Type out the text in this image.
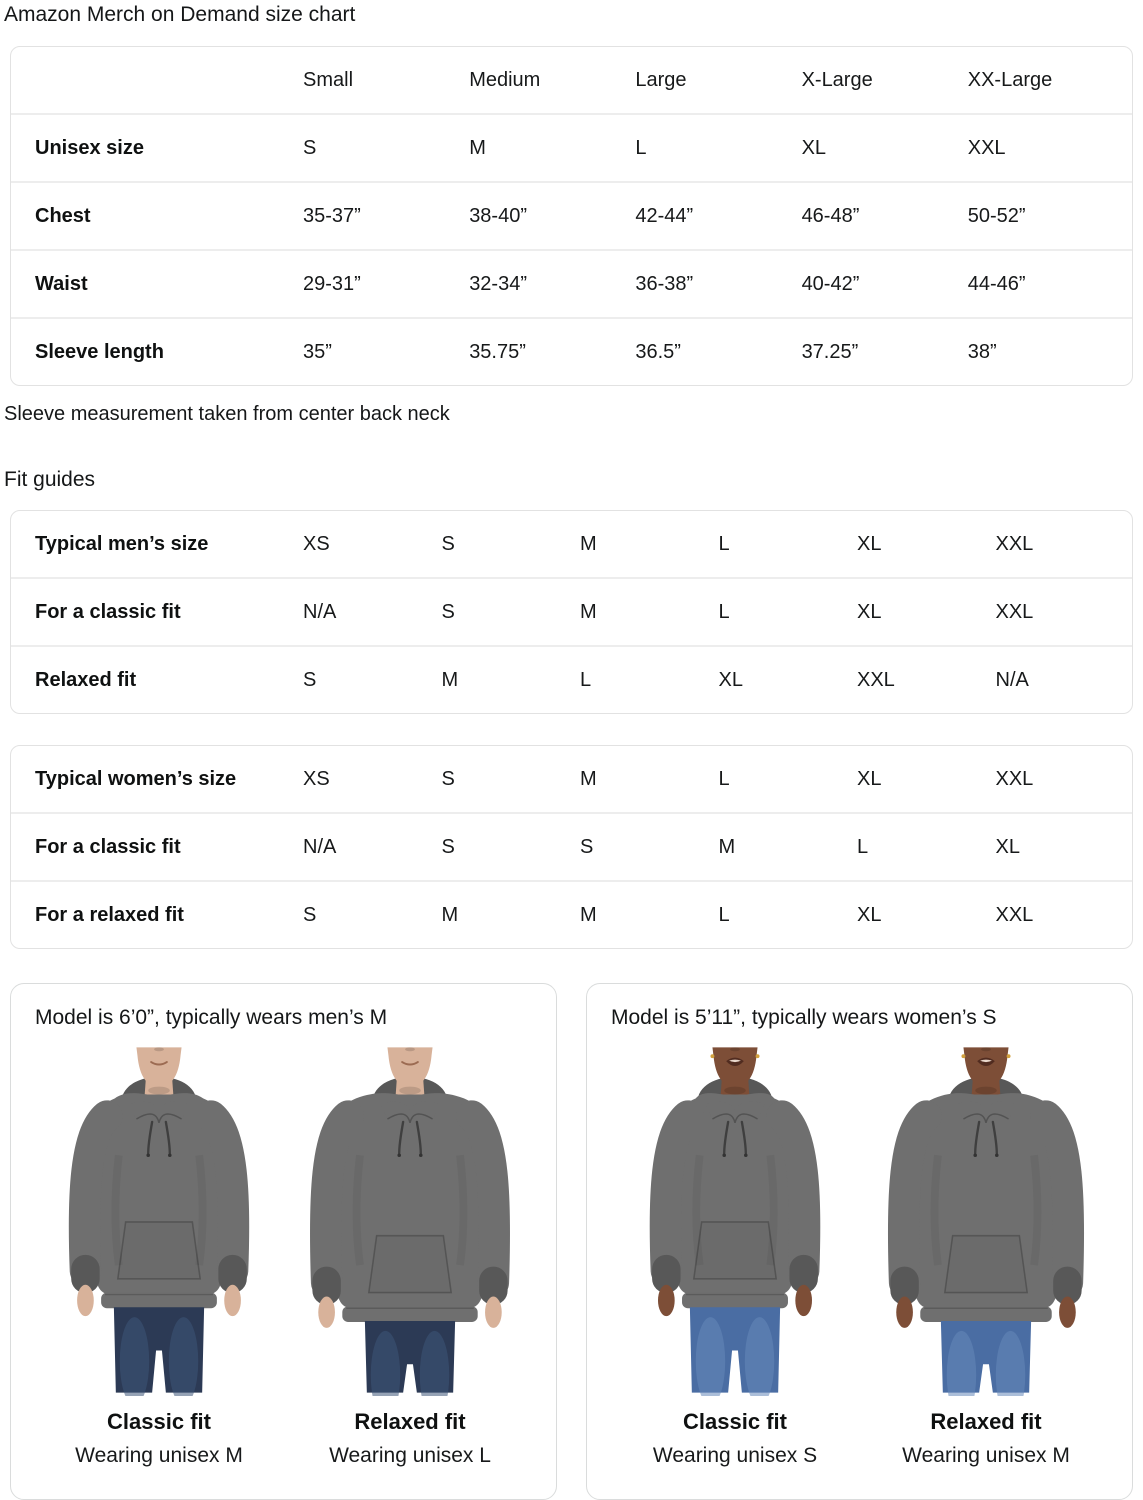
Amazon Merch on Demand size chart
	Small	Medium	Large	X-Large	XX-Large
Unisex size	S	M	L	XL	XXL
Chest	35-37”	38-40”	42-44”	46-48”	50-52”
Waist	29-31”	32-34”	36-38”	40-42”	44-46”
Sleeve length	35”	35.75”	36.5”	37.25”	38”

Sleeve measurement taken from center back neck

Fit guides
Typical men’s size	XS	S	M	L	XL	XXL
For a classic fit	N/A	S	M	L	XL	XXL
Relaxed fit	S	M	L	XL	XXL	N/A
Typical women’s size	XS	S	M	L	XL	XXL
For a classic fit	N/A	S	S	M	L	XL
For a relaxed fit	S	M	M	L	XL	XXL
Model is 6’0”, typically wears men’s M
Classic fit
Wearing unisex M
Relaxed fit
Wearing unisex L
Model is 5’11”, typically wears women’s S
Classic fit
Wearing unisex S
Relaxed fit
Wearing unisex M
